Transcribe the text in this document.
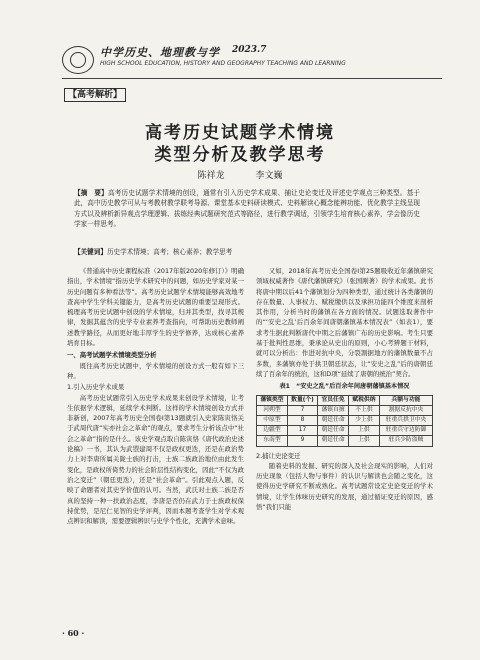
中学历史、地理教与学 2023.7
HIGH SCHOOL EDUCATION, HISTORY AND GEOGRAPHY TEACHING AND LEARNING
【高考解析】
高考历史试题学术情境
类型分析及教学思考
陈祥龙	李文巍
【摘　要】高考历史试题学术情境的创设，通常有引入历史学术成果、捕让史论变迁及评述史学观点三种类型。基于此，高中历史教学可从与考教材教学联考导源、课堂基本史料研读模式、史料解读心概念能辨功能、优化教学主线呈现方式以及辨析新异观点学理逻辑、拔练经典试题研究范式等路径，进行教学调适，引领学生培育核心素养，学会像历史学家一样思考。
【关键词】历史学术情境；高考；核心素养；教学思考

《普通高中历史课程标准（2017年版2020年修订）》明确指出，学术情境“指历史学术研究中的问题，如历史学家对某一历史问题有多种看法等”。高考历史试题学术情境能够高效地考查高中学生学科关键能力，是高考历史试题的重要呈现形式。梳理高考历史试题中创设的学术情境，归并其类型，找寻其规律，发掘其蕴含的史学专业素养考查指向，可帮助历史教师阐述教学路径，从而更好地丰厚学生的史学修养，达成核心素养培育目标。

一、高考试题学术情境类型分析

既往高考历史试题中，学术情境的创设方式一般有如下三种。

1.引入历史学术成果

高考历史试题常引入历史学术成果来创设学术情境，让考生依据学术逻辑，延续学术判断。这样的学术情境创设方式并非新创，2007年高考历史全国卷Ⅰ第13题就引入史家陈寅恪关于武周代唐“实亦社会之革命”的观点，要求考生分析该点中“社会之革命”指的是什么。该史学观点取自陈寅恪《唐代政治史述论稿》一书，其认为武曌建周不仅是政权更迭，还是在政治势力上对李唐所属关陇士族的打击，士族二族政治地位由此发生变化，是政权所倚势力的社会阶层性结构变化，因此“不仅为政治之变迁”（朝廷更迭），还是“社会革命”。引此观点入题，反映了命题者对其史学价值的认可。当然，武氏对士族二族是否真的坚持一种一扶政治态度，李唐是否仍在武力于士族政权保持优势，是尼仁见智的史学评判，因而本题考查学生对学术观点辨识和解读，需要逻辑辨识与史学个性化，充满学术意味。

又如，2018年高考历史全国卷Ⅰ第25题吸收近年藩镇研究领域权威著作《唐代藩镇研究》（张国刚著）的学术成果。此书将唐中期以后41个藩镇划分为四种类型，通过统计各类藩镇的存在数量、人事权力、赋税缴供以及承担功能四个维度来剖析其作用，分析当时的藩镇在各方面的情况。试题选取著作中的“‘安史之乱’后百余年间唐朝藩镇基本情况表”（如表1），要求考生据此判断唐代中期之后藩镇广布的历史影响。考生只要基于批判性思维，秉承论从史出的原则，小心考辨题干材料，就可以分析出：作进对抗中央，分裂割据地方的藩镇数量不占多数，多藩镇亦处于拱卫朝廷状态，让“安史之乱”后的唐朝廷续了百余年的统治，这和D项“延续了唐朝的统治”契合。

表1　“安史之乱”后百余年间唐朝藩镇基本情况
藩镇类型	数量(个)	官员任免	赋税供纳	兵额与功能
河朔型	7	藩镇自擅	不上供	割据反抗中央
中原型	8	朝廷任命	少上供	驻重兵拱卫中央
边疆型	17	朝廷任命	上供	驻重兵守边防御
东南型	9	朝廷任命	上供	驻兵少防盗贼

2.捕让史论变迁

随着史料的发掘、研究的深入及社会现实的影响，人们对历史现象（包括人物与事件）的认识与解读也会随之变化，这使得历史学研究不断成熟化。高考试题常设定史论变迁的学术情境，让学生体味历史研究的发展，通过循证变迁的原因，感悟“我们只能

· 60 ·
